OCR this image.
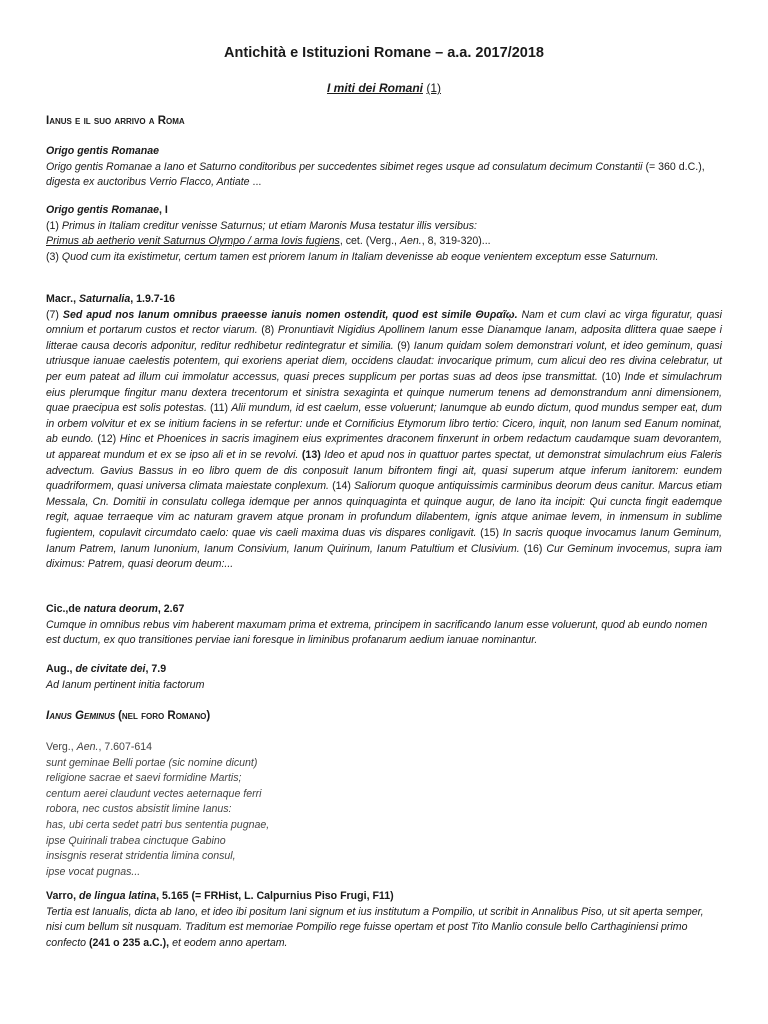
Antichità e Istituzioni Romane – a.a. 2017/2018

I miti dei Romani (1)

Ianus e il suo arrivo a Roma

Origo gentis Romanae
Origo gentis Romanae a Iano et Saturno conditoribus per succedentes sibimet reges usque ad consulatum decimum Constantii (= 360 d.C.), digesta ex auctoribus Verrio Flacco, Antiate ...
Origo gentis Romanae, I
(1) Primus in Italiam creditur venisse Saturnus; ut etiam Maronis Musa testatur illis versibus:
Primus ab aetherio venit Saturnus Olympo / arma Iovis fugiens, cet. (Verg., Aen., 8, 319-320)...
(3) Quod cum ita existimetur, certum tamen est priorem Ianum in Italiam devenisse ab eoque venientem exceptum esse Saturnum.
Macr., Saturnalia, 1.9.7-16

(7) Sed apud nos Ianum omnibus praeesse ianuis nomen ostendit, quod est simile Θυραῖῳ. Nam et cum clavi ac virga figuratur, quasi omnium et portarum custos et rector viarum. (8) Pronuntiavit Nigidius Apollinem Ianum esse Dianamque Ianam, adposita dlittera quae saepe i litterae causa decoris adponitur, reditur redhibetur redintegratur et similia. (9) Ianum quidam solem demonstrari volunt, et ideo geminum, quasi utriusque ianuae caelestis potentem, qui exoriens aperiat diem, occidens claudat: invocarique primum, cum alicui deo res divina celebratur, ut per eum pateat ad illum cui immolatur accessus, quasi preces supplicum per portas suas ad deos ipse transmittat. (10) Inde et simulachrum eius plerumque fingitur manu dextera trecentorum et sinistra sexaginta et quinque numerum tenens ad demonstrandum anni dimensionem, quae praecipua est solis potestas. (11) Alii mundum, id est caelum, esse voluerunt; Ianumque ab eundo dictum, quod mundus semper eat, dum in orbem volvitur et ex se initium faciens in se refertur: unde et Cornificius Etymorum libro tertio: Cicero, inquit, non Ianum sed Eanum nominat, ab eundo. (12) Hinc et Phoenices in sacris imaginem eius exprimentes draconem finxerunt in orbem redactum caudamque suam devorantem, ut appareat mundum et ex se ipso ali et in se revolvi. (13) Ideo et apud nos in quattuor partes spectat, ut demonstrat simulachrum eius Faleris advectum. Gavius Bassus in eo libro quem de dis conposuit Ianum bifrontem fingi ait, quasi superum atque inferum ianitorem: eundem quadriformem, quasi universa climata maiestate conplexum. (14) Saliorum quoque antiquissimis carminibus deorum deus canitur. Marcus etiam Messala, Cn. Domitii in consulatu collega idemque per annos quinquaginta et quinque augur, de Iano ita incipit: Qui cuncta fingit eademque regit, aquae terraeque vim ac naturam gravem atque pronam in profundum dilabentem, ignis atque animae levem, in inmensum in sublime fugientem, copulavit circumdato caelo: quae vis caeli maxima duas vis dispares conligavit. (15) In sacris quoque invocamus Ianum Geminum, Ianum Patrem, Ianum Iunonium, Ianum Consivium, Ianum Quirinum, Ianum Patultium et Clusivium. (16) Cur Geminum invocemus, supra iam diximus: Patrem, quasi deorum deum:...

Cic.,de natura deorum, 2.67
Cumque in omnibus rebus vim haberent maxumam prima et extrema, principem in sacrificando Ianum esse voluerunt, quod ab eundo nomen est ductum, ex quo transitiones perviae iani foresque in liminibus profanarum aedium ianuae nominantur.
Aug., de civitate dei, 7.9
Ad Ianum pertinent initia factorum

Ianus Geminus (nel foro Romano)

Verg., Aen., 7.607-614
sunt geminae Belli portae (sic nomine dicunt)
religione sacrae et saevi formidine Martis;
centum aerei claudunt vectes aeternaque ferri
robora, nec custos absistit limine Ianus:
has, ubi certa sedet patri bus sententia pugnae,
ipse Quirinali trabea cinctuque Gabino
insisgnis reserat stridentia limina consul,
ipse vocat pugnas...
Varro, de lingua latina, 5.165 (= FRHist, L. Calpurnius Piso Frugi, F11)
Tertia est Ianualis, dicta ab Iano, et ideo ibi positum Iani signum et ius institutum a Pompilio, ut scribit in Annalibus Piso, ut sit aperta semper, nisi cum bellum sit nusquam. Traditum est memoriae Pompilio rege fuisse opertam et post Tito Manlio consule bello Carthaginiensi primo confecto (241 o 235 a.C.), et eodem anno apertam.
